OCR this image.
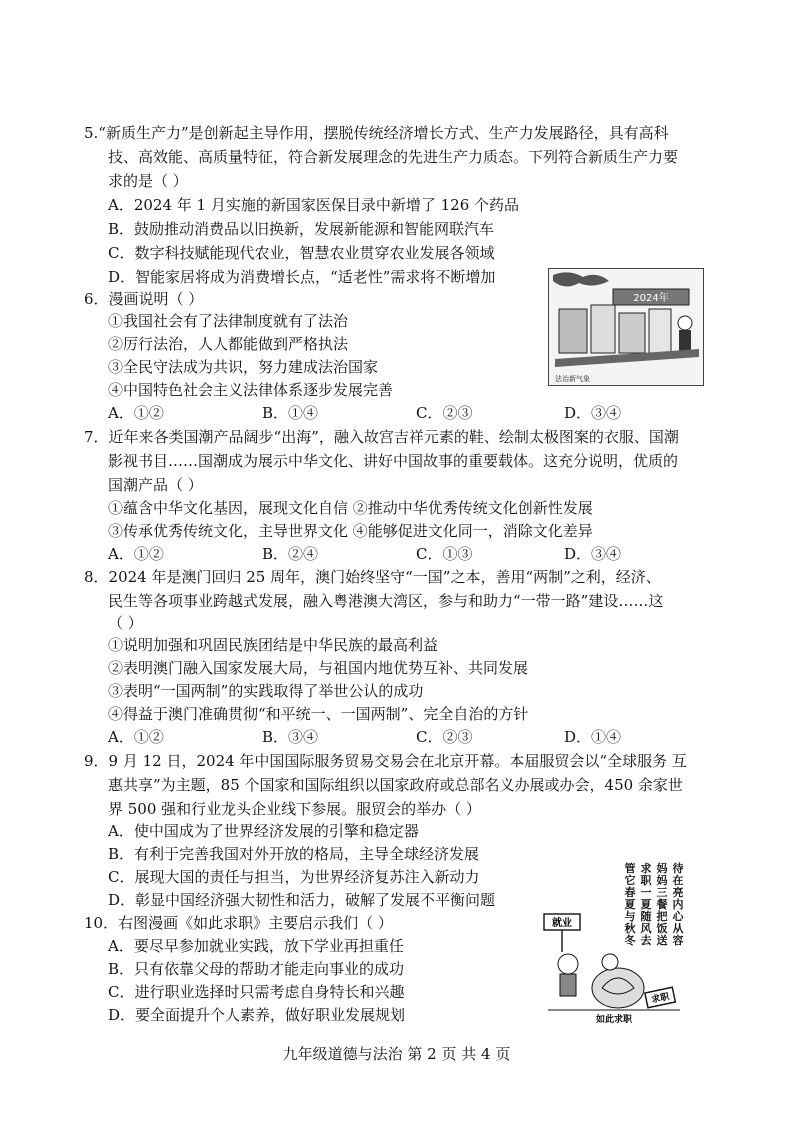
5.“新质生产力”是创新起主导作用，摆脱传统经济增长方式、生产力发展路径，具有高科
技、高效能、高质量特征，符合新发展理念的先进生产力质态。下列符合新质生产力要
求的是（ ）
A．2024 年 1 月实施的新国家医保目录中新增了 126 个药品
B．鼓励推动消费品以旧换新，发展新能源和智能网联汽车
C．数字科技赋能现代农业，智慧农业贯穿农业发展各领域
D．智能家居将成为消费增长点，“适老性”需求将不断增加
6．漫画说明（ ）
①我国社会有了法律制度就有了法治
②厉行法治，人人都能做到严格执法
③全民守法成为共识，努力建成法治国家
④中国特色社会主义法律体系逐步发展完善
A．①②	B．①④	C．②③	D．③④
2024年
法治新气象
7．近年来各类国潮产品阔步“出海”，融入故宫吉祥元素的鞋、绘制太极图案的衣服、国潮
影视书目……国潮成为展示中华文化、讲好中国故事的重要载体。这充分说明，优质的
国潮产品（ ）
①蕴含中华文化基因，展现文化自信 ②推动中华优秀传统文化创新性发展
③传承优秀传统文化，主导世界文化 ④能够促进文化同一，消除文化差异
A．①②	B．②④	C．①③	D．③④
8．2024 年是澳门回归 25 周年，澳门始终坚守“一国”之本，善用“两制”之利，经济、
民生等各项事业跨越式发展，融入粤港澳大湾区，参与和助力“一带一路”建设……这
（ ）
①说明加强和巩固民族团结是中华民族的最高利益
②表明澳门融入国家发展大局，与祖国内地优势互补、共同发展
③表明“一国两制”的实践取得了举世公认的成功
④得益于澳门准确贯彻“和平统一、一国两制”、完全自治的方针
A．①②	B．③④	C．②③	D．①④
9．9 月 12 日，2024 年中国国际服务贸易交易会在北京开幕。本届服贸会以“全球服务 互
惠共享”为主题，85 个国家和国际组织以国家政府或总部名义办展或办会，450 余家世
界 500 强和行业龙头企业线下参展。服贸会的举办（ ）
A．使中国成为了世界经济发展的引擎和稳定器
B．有利于完善我国对外开放的格局，主导全球经济发展
C．展现大国的责任与担当，为世界经济复苏注入新动力
D．彰显中国经济强大韧性和活力，破解了发展不平衡问题
10．右图漫画《如此求职》主要启示我们（ ）
A．要尽早参加就业实践，放下学业再担重任
B．只有依靠父母的帮助才能走向事业的成功
C．进行职业选择时只需考虑自身特长和兴趣
D．要全面提升个人素养，做好职业发展规划
待在亮内心从容
妈妈三餐把饭送
求职一夏随风去
管它春夏与秋冬
就业
求职
如此求职
九年级道德与法治 第 2 页 共 4 页
